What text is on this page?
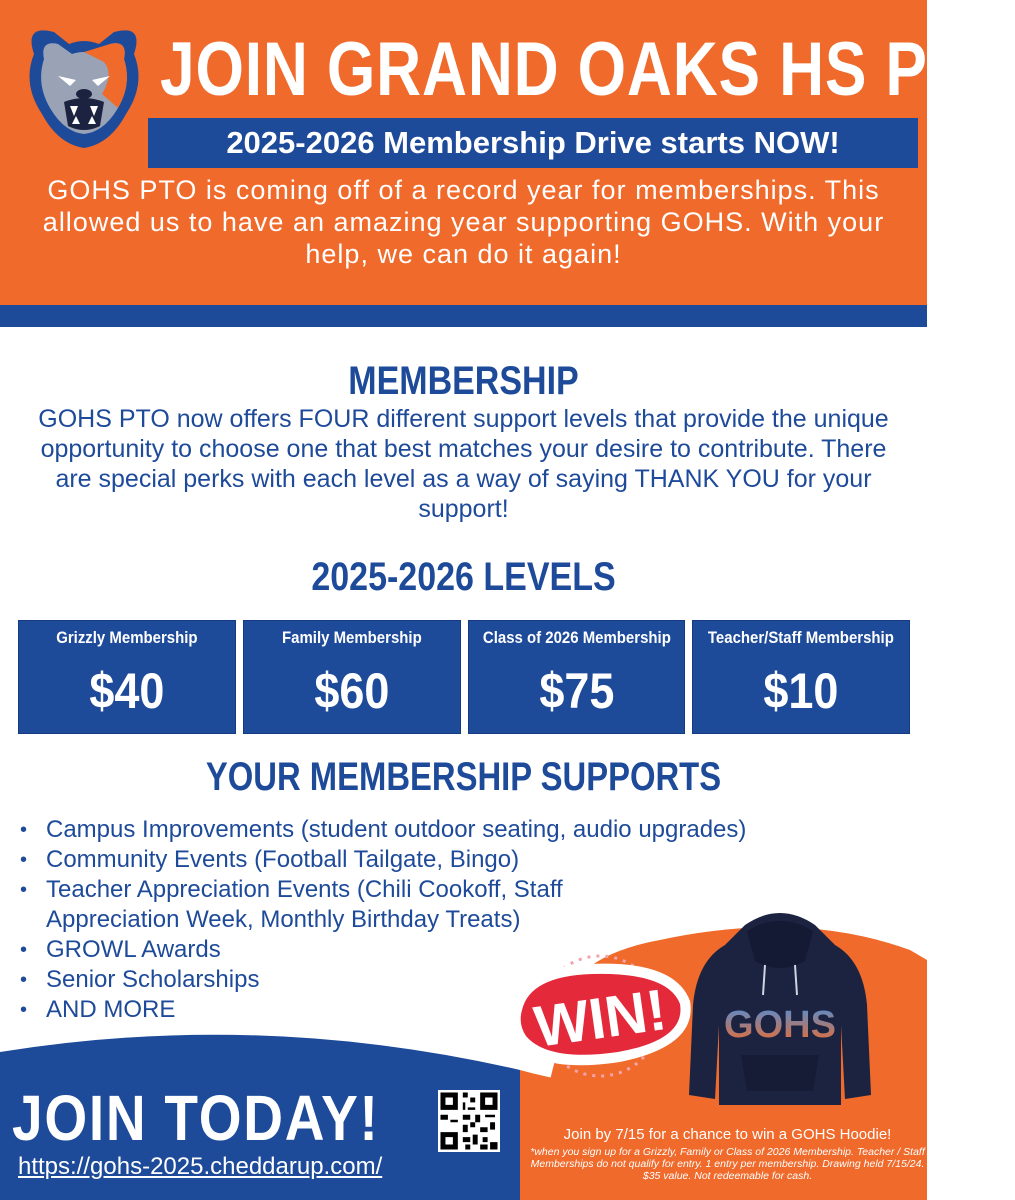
JOIN GRAND OAKS HS PTO
2025-2026 Membership Drive starts NOW!
GOHS PTO is coming off of a record year for memberships. This allowed us to have an amazing year supporting GOHS. With your help, we can do it again!
MEMBERSHIP
GOHS PTO now offers FOUR different support levels that provide the unique opportunity to choose one that best matches your desire to contribute. There are special perks with each level as a way of saying THANK YOU for your support!
2025-2026 LEVELS
Grizzly Membership
$40
Family Membership
$60
Class of 2026 Membership
$75
Teacher/Staff Membership
$10
YOUR MEMBERSHIP SUPPORTS
• Campus Improvements (student outdoor seating, audio upgrades)
• Community Events (Football Tailgate, Bingo)
• Teacher Appreciation Events (Chili Cookoff, Staff Appreciation Week, Monthly Birthday Treats)
• GROWL Awards
• Senior Scholarships
• AND MORE
JOIN TODAY!
https://gohs-2025.cheddarup.com/
WIN! GOHS
Join by 7/15 for a chance to win a GOHS Hoodie!
*when you sign up for a Grizzly, Family or Class of 2026 Membership. Teacher / Staff Memberships do not qualify for entry. 1 entry per membership. Drawing held 7/15/24. $35 value. Not redeemable for cash.
